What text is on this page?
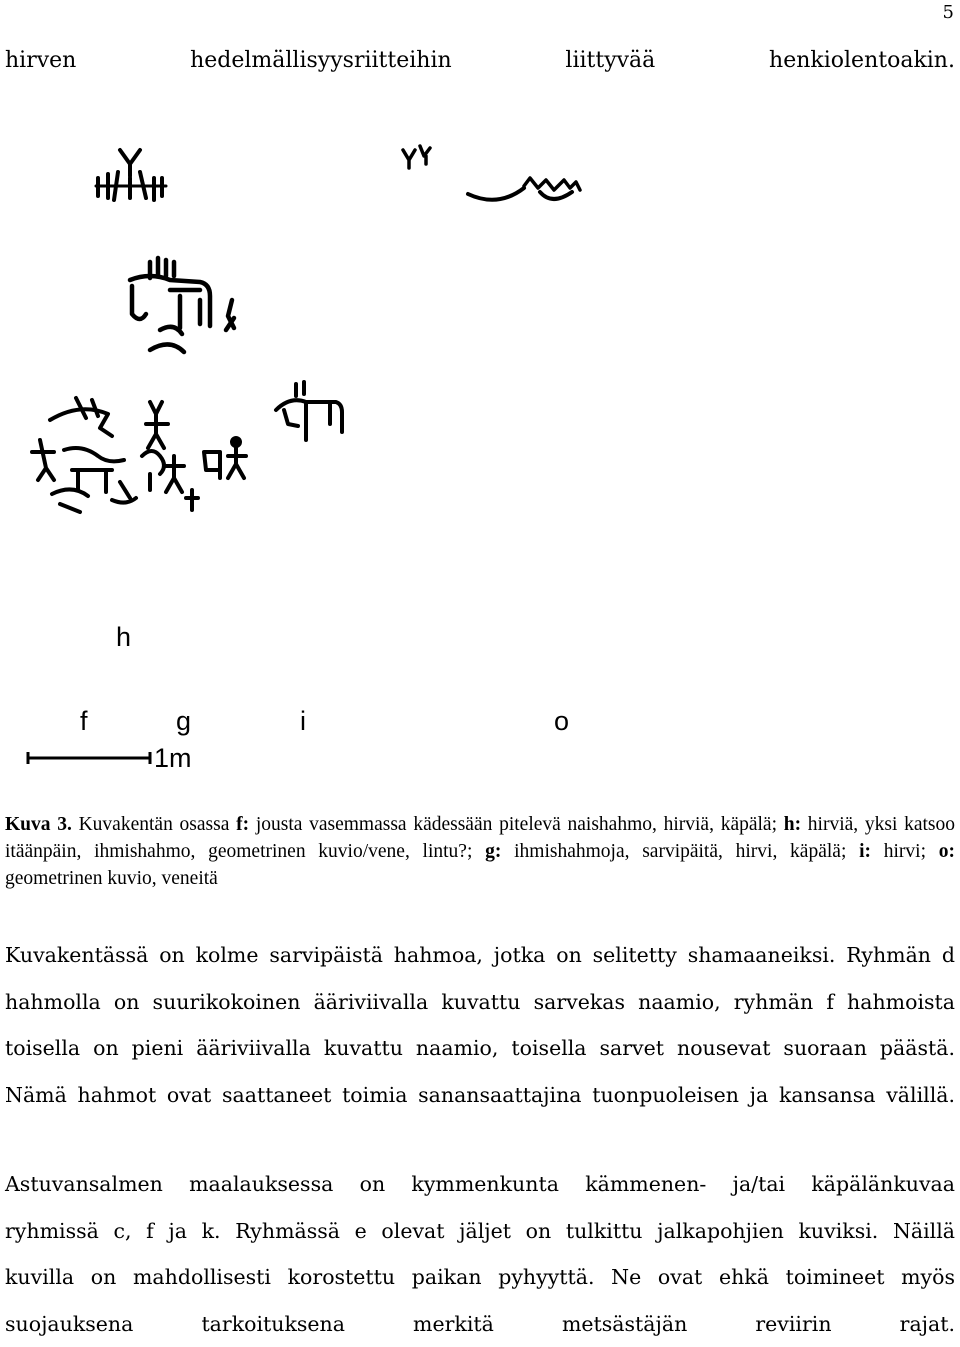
5
hirven	hedelmällisyysriitteihin	liittyvää	henkiolentoakin.
h
f	g	i	o
1m
Kuva 3. Kuvakentän osassa f: jousta vasemmassa kädessään pitelevä naishahmo, hirviä, käpälä; h: hirviä, yksi katsoo itäänpäin, ihmishahmo, geometrinen kuvio/vene, lintu?; g: ihmishahmoja, sarvipäitä, hirvi, käpälä; i: hirvi; o: geometrinen kuvio, veneitä
Kuvakentässä on kolme sarvipäistä hahmoa, jotka on selitetty shamaaneiksi. Ryhmän d
hahmolla on suurikokoinen ääriviivalla kuvattu sarvekas naamio, ryhmän f hahmoista
toisella on pieni ääriviivalla kuvattu naamio, toisella sarvet nousevat suoraan päästä.
Nämä hahmot ovat saattaneet toimia sanansaattajina tuonpuoleisen ja kansansa välillä.
Astuvansalmen maalauksessa on kymmenkunta kämmenen- ja/tai käpälänkuvaa
ryhmissä c, f ja k. Ryhmässä e olevat jäljet on tulkittu jalkapohjien kuviksi. Näillä
kuvilla on mahdollisesti korostettu paikan pyhyyttä. Ne ovat ehkä toimineet myös
suojauksena tarkoituksena merkitä metsästäjän reviirin rajat.
